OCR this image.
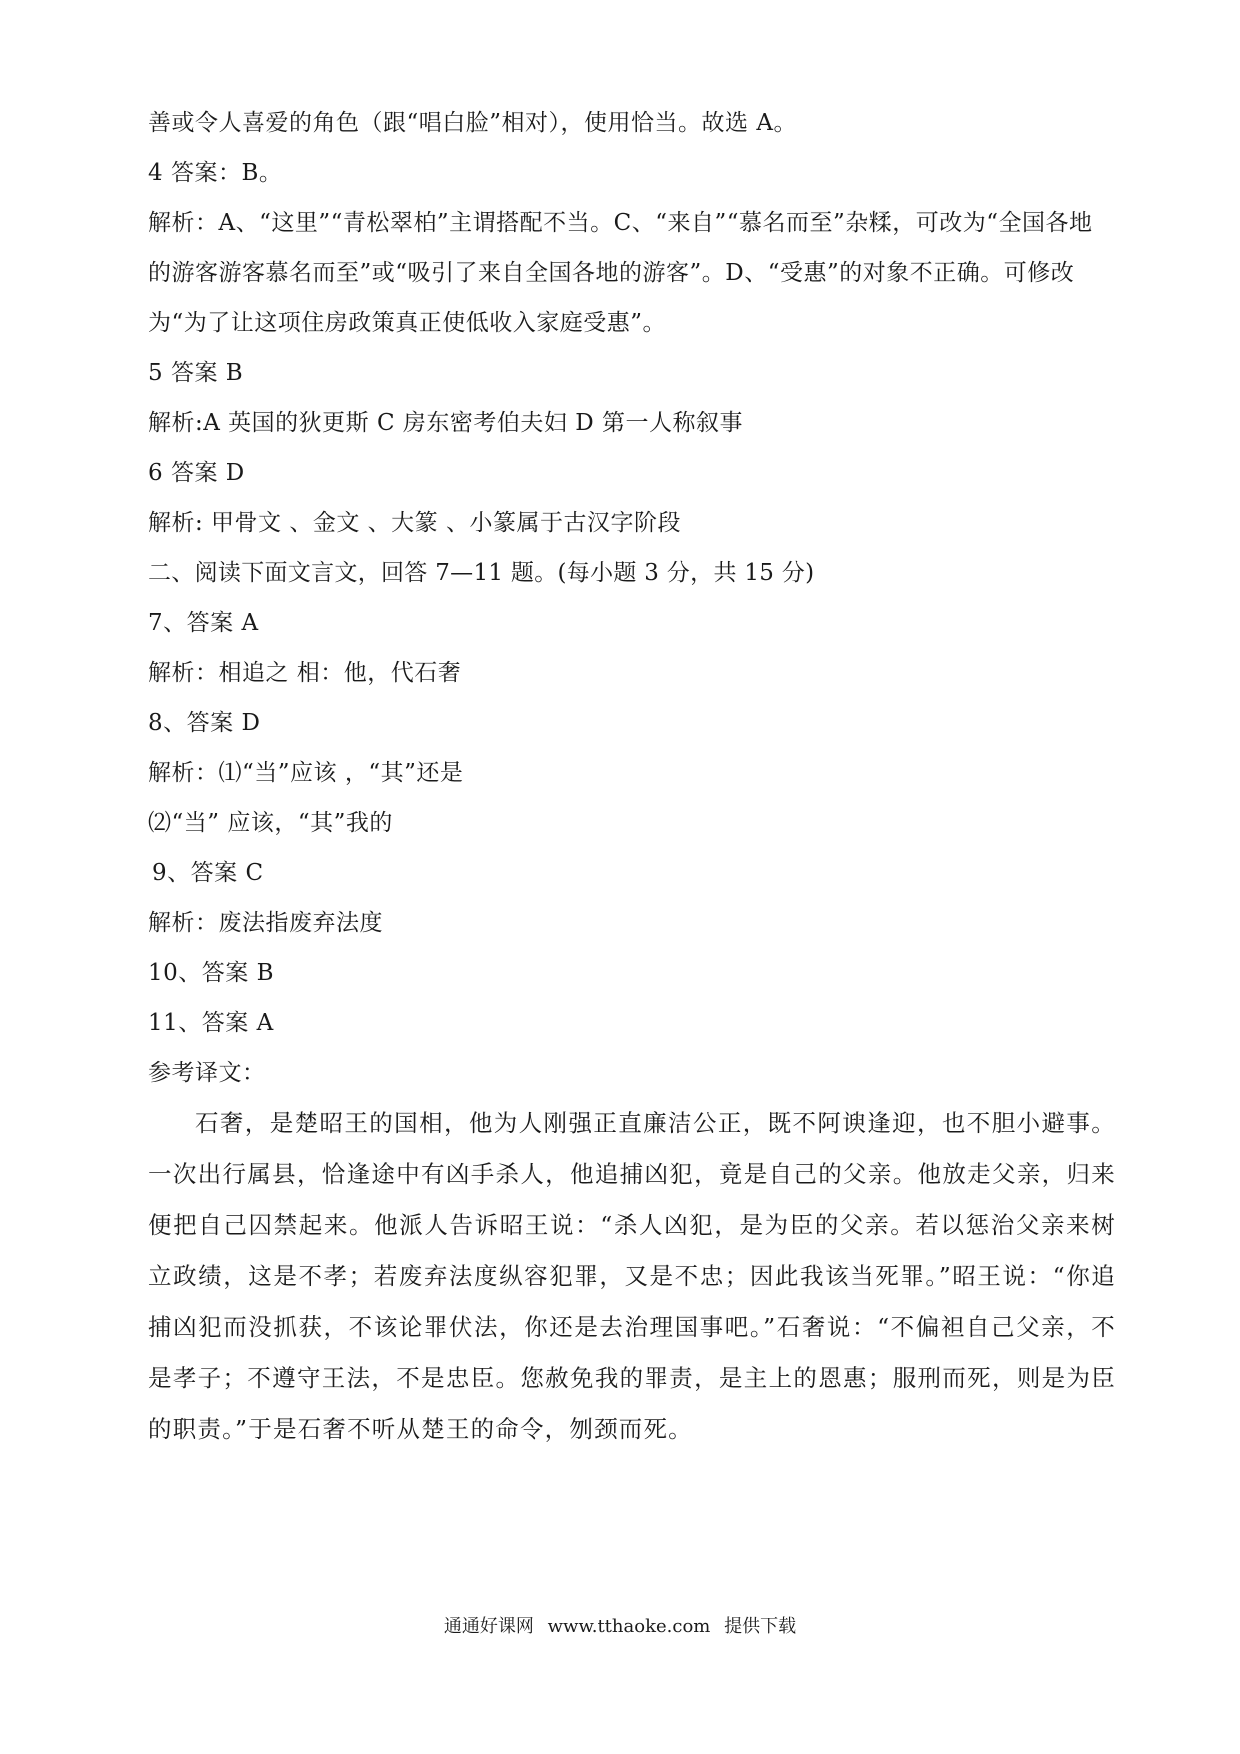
善或令人喜爱的角色（跟“唱白脸”相对），使用恰当。故选 A。
4 答案：B。
解析：A、“这里”“青松翠柏”主谓搭配不当。C、“来自”“慕名而至”杂糅，可改为“全国各地
的游客游客慕名而至”或“吸引了来自全国各地的游客”。D、“受惠”的对象不正确。可修改
为“为了让这项住房政策真正使低收入家庭受惠”。
5 答案 B
解析:A 英国的狄更斯 C 房东密考伯夫妇 D 第一人称叙事
6 答案 D
解析: 甲骨文 、金文 、大篆 、小篆属于古汉字阶段
二、阅读下面文言文，回答 7—11 题。(每小题 3 分，共 15 分)
7、答案 A
解析：相追之 相：他，代石奢
8、答案 D
解析：⑴“当”应该 ，“其”还是
⑵“当” 应该，“其”我的
9、答案 C
解析：废法指废弃法度
10、答案 B
11、答案 A
参考译文：

石奢，是楚昭王的国相，他为人刚强正直廉洁公正，既不阿谀逢迎，也不胆小避事。一次出行属县，恰逢途中有凶手杀人，他追捕凶犯，竟是自己的父亲。他放走父亲，归来便把自己囚禁起来。他派人告诉昭王说：“杀人凶犯，是为臣的父亲。若以惩治父亲来树立政绩，这是不孝；若废弃法度纵容犯罪，又是不忠；因此我该当死罪。”昭王说：“你追捕凶犯而没抓获，不该论罪伏法，你还是去治理国事吧。”石奢说：“不偏袒自己父亲，不是孝子；不遵守王法，不是忠臣。您赦免我的罪责，是主上的恩惠；服刑而死，则是为臣的职责。”于是石奢不听从楚王的命令，刎颈而死。

通通好课网 www.tthaoke.com 提供下载
